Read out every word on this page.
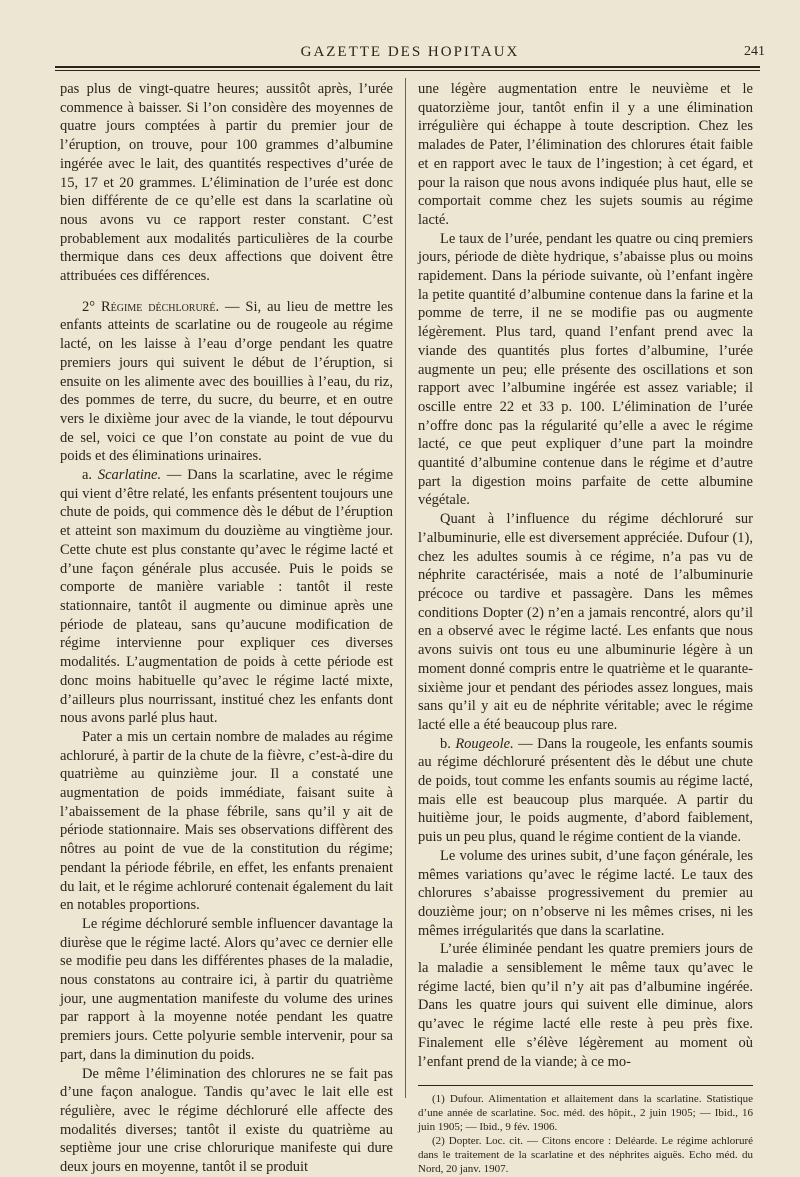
GAZETTE DES HOPITAUX	241

pas plus de vingt-quatre heures; aussitôt après, l’urée commence à baisser. Si l’on considère des moyennes de quatre jours comptées à partir du premier jour de l’éruption, on trouve, pour 100 grammes d’albumine ingérée avec le lait, des quantités respectives d’urée de 15, 17 et 20 grammes. L’élimination de l’urée est donc bien différente de ce qu’elle est dans la scarlatine où nous avons vu ce rapport rester constant. C’est probablement aux modalités particulières de la courbe thermique dans ces deux affections que doivent être attribuées ces différences.

2° Régime déchloruré. — Si, au lieu de mettre les enfants atteints de scarlatine ou de rougeole au régime lacté, on les laisse à l’eau d’orge pendant les quatre premiers jours qui suivent le début de l’éruption, si ensuite on les alimente avec des bouillies à l’eau, du riz, des pommes de terre, du sucre, du beurre, et en outre vers le dixième jour avec de la viande, le tout dépourvu de sel, voici ce que l’on constate au point de vue du poids et des éliminations urinaires.

a. Scarlatine. — Dans la scarlatine, avec le régime qui vient d’être relaté, les enfants présentent toujours une chute de poids, qui commence dès le début de l’éruption et atteint son maximum du douzième au vingtième jour. Cette chute est plus constante qu’avec le régime lacté et d’une façon générale plus accusée. Puis le poids se comporte de manière variable : tantôt il reste stationnaire, tantôt il augmente ou diminue après une période de plateau, sans qu’aucune modification de régime intervienne pour expliquer ces diverses modalités. L’augmentation de poids à cette période est donc moins habituelle qu’avec le régime lacté mixte, d’ailleurs plus nourrissant, institué chez les enfants dont nous avons parlé plus haut.

Pater a mis un certain nombre de malades au régime achloruré, à partir de la chute de la fièvre, c’est-à-dire du quatrième au quinzième jour. Il a constaté une augmentation de poids immédiate, faisant suite à l’abaissement de la phase fébrile, sans qu’il y ait de période stationnaire. Mais ses observations diffèrent des nôtres au point de vue de la constitution du régime; pendant la période fébrile, en effet, les enfants prenaient du lait, et le régime achloruré contenait également du lait en notables proportions.

Le régime déchloruré semble influencer davantage la diurèse que le régime lacté. Alors qu’avec ce dernier elle se modifie peu dans les différentes phases de la maladie, nous constatons au contraire ici, à partir du quatrième jour, une augmentation manifeste du volume des urines par rapport à la moyenne notée pendant les quatre premiers jours. Cette polyurie semble intervenir, pour sa part, dans la diminution du poids.

De même l’élimination des chlorures ne se fait pas d’une façon analogue. Tandis qu’avec le lait elle est régulière, avec le régime déchloruré elle affecte des modalités diverses; tantôt il existe du quatrième au septième jour une crise chlorurique manifeste qui dure deux jours en moyenne, tantôt il se produit

une légère augmentation entre le neuvième et le quatorzième jour, tantôt enfin il y a une élimination irrégulière qui échappe à toute description. Chez les malades de Pater, l’élimination des chlorures était faible et en rapport avec le taux de l’ingestion; à cet égard, et pour la raison que nous avons indiquée plus haut, elle se comportait comme chez les sujets soumis au régime lacté.

Le taux de l’urée, pendant les quatre ou cinq premiers jours, période de diète hydrique, s’abaisse plus ou moins rapidement. Dans la période suivante, où l’enfant ingère la petite quantité d’albumine contenue dans la farine et la pomme de terre, il ne se modifie pas ou augmente légèrement. Plus tard, quand l’enfant prend avec la viande des quantités plus fortes d’albumine, l’urée augmente un peu; elle présente des oscillations et son rapport avec l’albumine ingérée est assez variable; il oscille entre 22 et 33 p. 100. L’élimination de l’urée n’offre donc pas la régularité qu’elle a avec le régime lacté, ce que peut expliquer d’une part la moindre quantité d’albumine contenue dans le régime et d’autre part la digestion moins parfaite de cette albumine végétale.

Quant à l’influence du régime déchloruré sur l’albuminurie, elle est diversement appréciée. Dufour (1), chez les adultes soumis à ce régime, n’a pas vu de néphrite caractérisée, mais a noté de l’albuminurie précoce ou tardive et passagère. Dans les mêmes conditions Dopter (2) n’en a jamais rencontré, alors qu’il en a observé avec le régime lacté. Les enfants que nous avons suivis ont tous eu une albuminurie légère à un moment donné compris entre le quatrième et le quarante-sixième jour et pendant des périodes assez longues, mais sans qu’il y ait eu de néphrite véritable; avec le régime lacté elle a été beaucoup plus rare.

b. Rougeole. — Dans la rougeole, les enfants soumis au régime déchloruré présentent dès le début une chute de poids, tout comme les enfants soumis au régime lacté, mais elle est beaucoup plus marquée. A partir du huitième jour, le poids augmente, d’abord faiblement, puis un peu plus, quand le régime contient de la viande.

Le volume des urines subit, d’une façon générale, les mêmes variations qu’avec le régime lacté. Le taux des chlorures s’abaisse progressivement du premier au douzième jour; on n’observe ni les mêmes crises, ni les mêmes irrégularités que dans la scarlatine.

L’urée éliminée pendant les quatre premiers jours de la maladie a sensiblement le même taux qu’avec le régime lacté, bien qu’il n’y ait pas d’albumine ingérée. Dans les quatre jours qui suivent elle diminue, alors qu’avec le régime lacté elle reste à peu près fixe. Finalement elle s’élève légèrement au moment où l’enfant prend de la viande; à ce mo-

(1) Dufour. Alimentation et allaitement dans la scarlatine. Statistique d’une année de scarlatine. Soc. méd. des hôpit., 2 juin 1905; — Ibid., 16 juin 1905; — Ibid., 9 fév. 1906.

(2) Dopter. Loc. cit. — Citons encore : Deléarde. Le régime achloruré dans le traitement de la scarlatine et des néphrites aiguës. Echo méd. du Nord, 20 janv. 1907.
